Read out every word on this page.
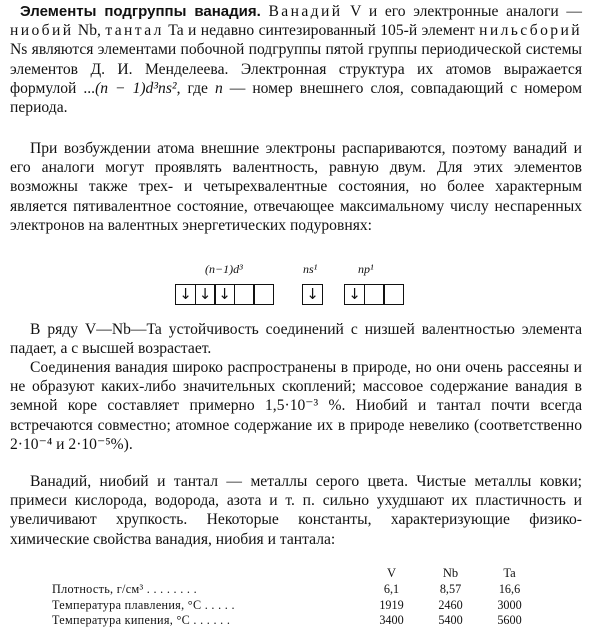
Элементы подгруппы ванадия. Ванадий V и его электронные аналоги — ниобий Nb, тантал Ta и недавно синтезированный 105-й элемент нильсборий Ns являются элементами побочной подгруппы пятой группы периодической системы элементов Д. И. Менделеева. Электронная структура их атомов выражается формулой ...(n − 1)d³ns², где n — номер внешнего слоя, совпадающий с номером периода.

При возбуждении атома внешние электроны распариваются, поэтому ванадий и его аналоги могут проявлять валентность, равную двум. Для этих элементов возможны также трех- и четырехвалентные состояния, но более характерным является пятивалентное состояние, отвечающее максимальному числу неспаренных электронов на валентных энергетических подуровнях:

(n−1)d³	ns¹	np¹
↓ ↓ ↓	↓ ↓

В ряду V—Nb—Ta устойчивость соединений с низшей валентностью элемента падает, а с высшей возрастает.

Соединения ванадия широко распространены в природе, но они очень рассеяны и не образуют каких-либо значительных скоплений; массовое содержание ванадия в земной коре составляет примерно 1,5·10⁻³ %. Ниобий и тантал почти всегда встречаются совместно; атомное содержание их в природе невелико (соответственно 2·10⁻⁴ и 2·10⁻⁵%).

Ванадий, ниобий и тантал — металлы серого цвета. Чистые металлы ковки; примеси кислорода, водорода, азота и т. п. сильно ухудшают их пластичность и увеличивают хрупкость. Некоторые константы, характеризующие физико-химические свойства ванадия, ниобия и тантала:

	V	Nb	Ta
Плотность, г/см³ . . . . . . . .	6,1	8,57	16,6
Температура плавления, °С . . . . .	1919	2460	3000
Температура кипения, °С . . . . . .	3400	5400	5600
